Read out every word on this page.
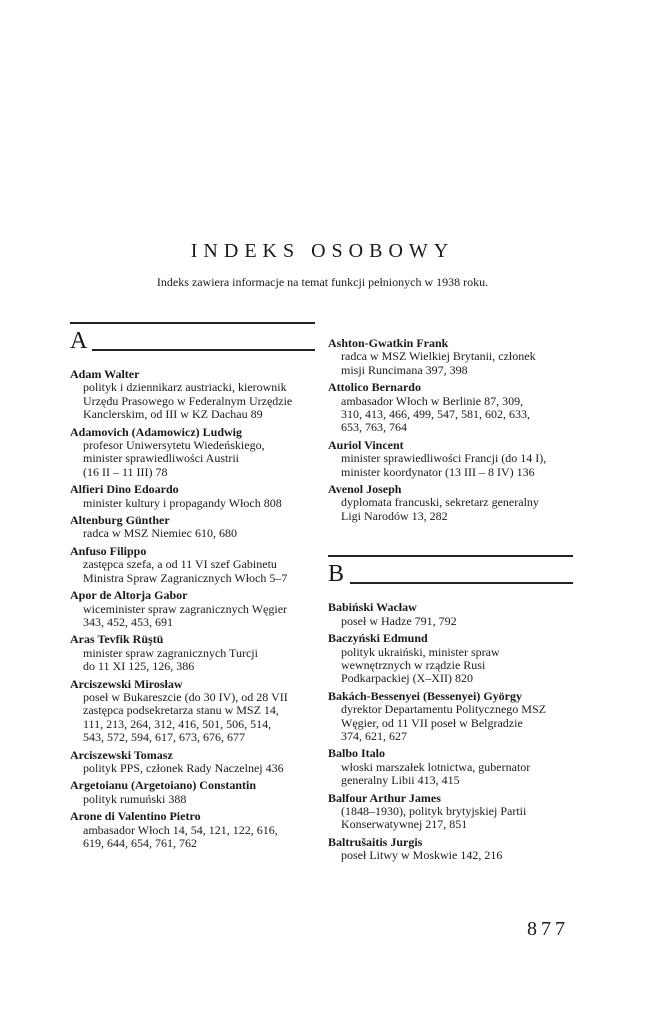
INDEKS OSOBOWY
Indeks zawiera informacje na temat funkcji pełnionych w 1938 roku.
A
Adam Walter
polityk i dziennikarz austriacki, kierownik
Urzędu Prasowego w Federalnym Urzędzie
Kanclerskim, od III w KZ Dachau 89
Adamovich (Adamowicz) Ludwig
profesor Uniwersytetu Wiedeńskiego,
minister sprawiedliwości Austrii
(16 II – 11 III) 78
Alfieri Dino Edoardo
minister kultury i propagandy Włoch 808
Altenburg Günther
radca w MSZ Niemiec 610, 680
Anfuso Filippo
zastępca szefa, a od 11 VI szef Gabinetu
Ministra Spraw Zagranicznych Włoch 5–7
Apor de Altorja Gabor
wiceminister spraw zagranicznych Węgier
343, 452, 453, 691
Aras Tevfik Rüştü
minister spraw zagranicznych Turcji
do 11 XI 125, 126, 386
Arciszewski Mirosław
poseł w Bukareszcie (do 30 IV), od 28 VII
zastępca podsekretarza stanu w MSZ 14,
111, 213, 264, 312, 416, 501, 506, 514,
543, 572, 594, 617, 673, 676, 677
Arciszewski Tomasz
polityk PPS, członek Rady Naczelnej 436
Argetoianu (Argetoiano) Constantin
polityk rumuński 388
Arone di Valentino Pietro
ambasador Włoch 14, 54, 121, 122, 616,
619, 644, 654, 761, 762
Ashton-Gwatkin Frank
radca w MSZ Wielkiej Brytanii, członek
misji Runcimana 397, 398
Attolico Bernardo
ambasador Włoch w Berlinie 87, 309,
310, 413, 466, 499, 547, 581, 602, 633,
653, 763, 764
Auriol Vincent
minister sprawiedliwości Francji (do 14 I),
minister koordynator (13 III – 8 IV) 136
Avenol Joseph
dyplomata francuski, sekretarz generalny
Ligi Narodów 13, 282
B
Babiński Wacław
poseł w Hadze 791, 792
Baczyński Edmund
polityk ukraiński, minister spraw
wewnętrznych w rządzie Rusi
Podkarpackiej (X–XII) 820
Bakách-Bessenyei (Bessenyei) György
dyrektor Departamentu Politycznego MSZ
Węgier, od 11 VII poseł w Belgradzie
374, 621, 627
Balbo Italo
włoski marszałek lotnictwa, gubernator
generalny Libii 413, 415
Balfour Arthur James
(1848–1930), polityk brytyjskiej Partii
Konserwatywnej 217, 851
Baltrušaitis Jurgis
poseł Litwy w Moskwie 142, 216
877
